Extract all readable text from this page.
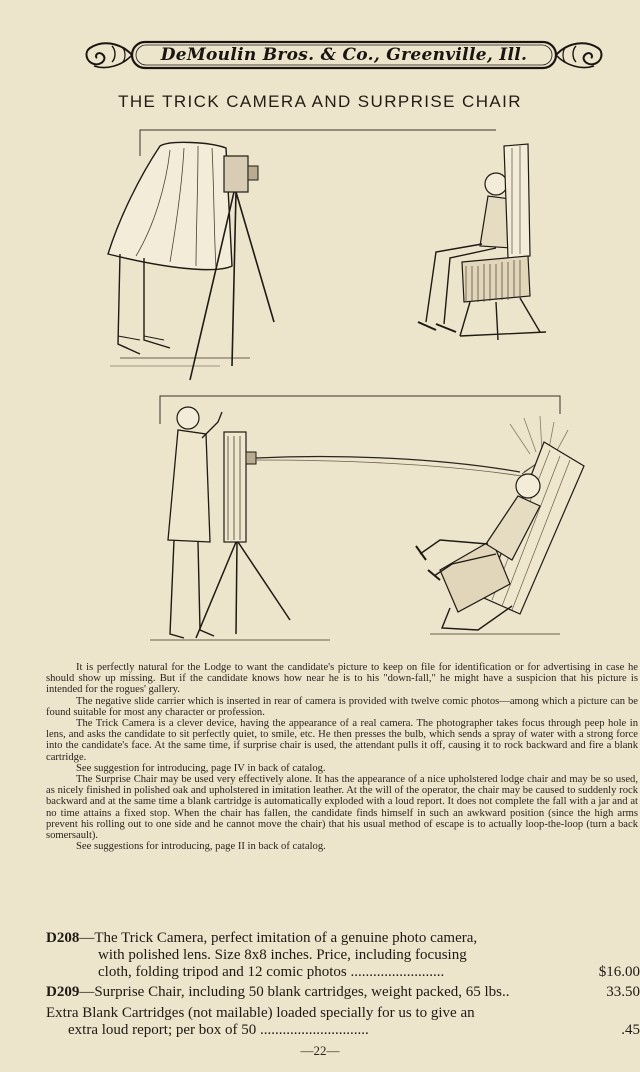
DeMoulin Bros. & Co., Greenville, Ill.
THE TRICK CAMERA AND SURPRISE CHAIR

It is perfectly natural for the Lodge to want the candidate's picture to keep on file for identification or for advertising in case he should show up missing. But if the candidate knows how near he is to his "down-fall," he might have a suspicion that his picture is intended for the rogues' gallery.

The negative slide carrier which is inserted in rear of camera is provided with twelve comic photos—among which a picture can be found suitable for most any character or profession.

The Trick Camera is a clever device, having the appearance of a real camera. The photographer takes focus through peep hole in lens, and asks the candidate to sit perfectly quiet, to smile, etc. He then presses the bulb, which sends a spray of water with a strong force into the candidate's face. At the same time, if surprise chair is used, the attendant pulls it off, causing it to rock backward and fire a blank cartridge.

See suggestion for introducing, page IV in back of catalog.

The Surprise Chair may be used very effectively alone. It has the appearance of a nice upholstered lodge chair and may be so used, as nicely finished in polished oak and upholstered in imitation leather. At the will of the operator, the chair may be caused to suddenly rock backward and at the same time a blank cartridge is automatically exploded with a loud report. It does not complete the fall with a jar and at no time attains a fixed stop. When the chair has fallen, the candidate finds himself in such an awkward position (since the high arms prevent his rolling out to one side and he cannot move the chair) that his usual method of escape is to actually loop-the-loop (turn a back somersault).

See suggestions for introducing, page II in back of catalog.

D208—The Trick Camera, perfect imitation of a genuine photo camera,
with polished lens. Size 8x8 inches. Price, including focusing
cloth, folding tripod and 12 comic photos .........................	$16.00
D209—Surprise Chair, including 50 blank cartridges, weight packed, 65 lbs..	33.50
Extra Blank Cartridges (not mailable) loaded specially for us to give an
extra loud report; per box of 50 .............................	.45
—22—
